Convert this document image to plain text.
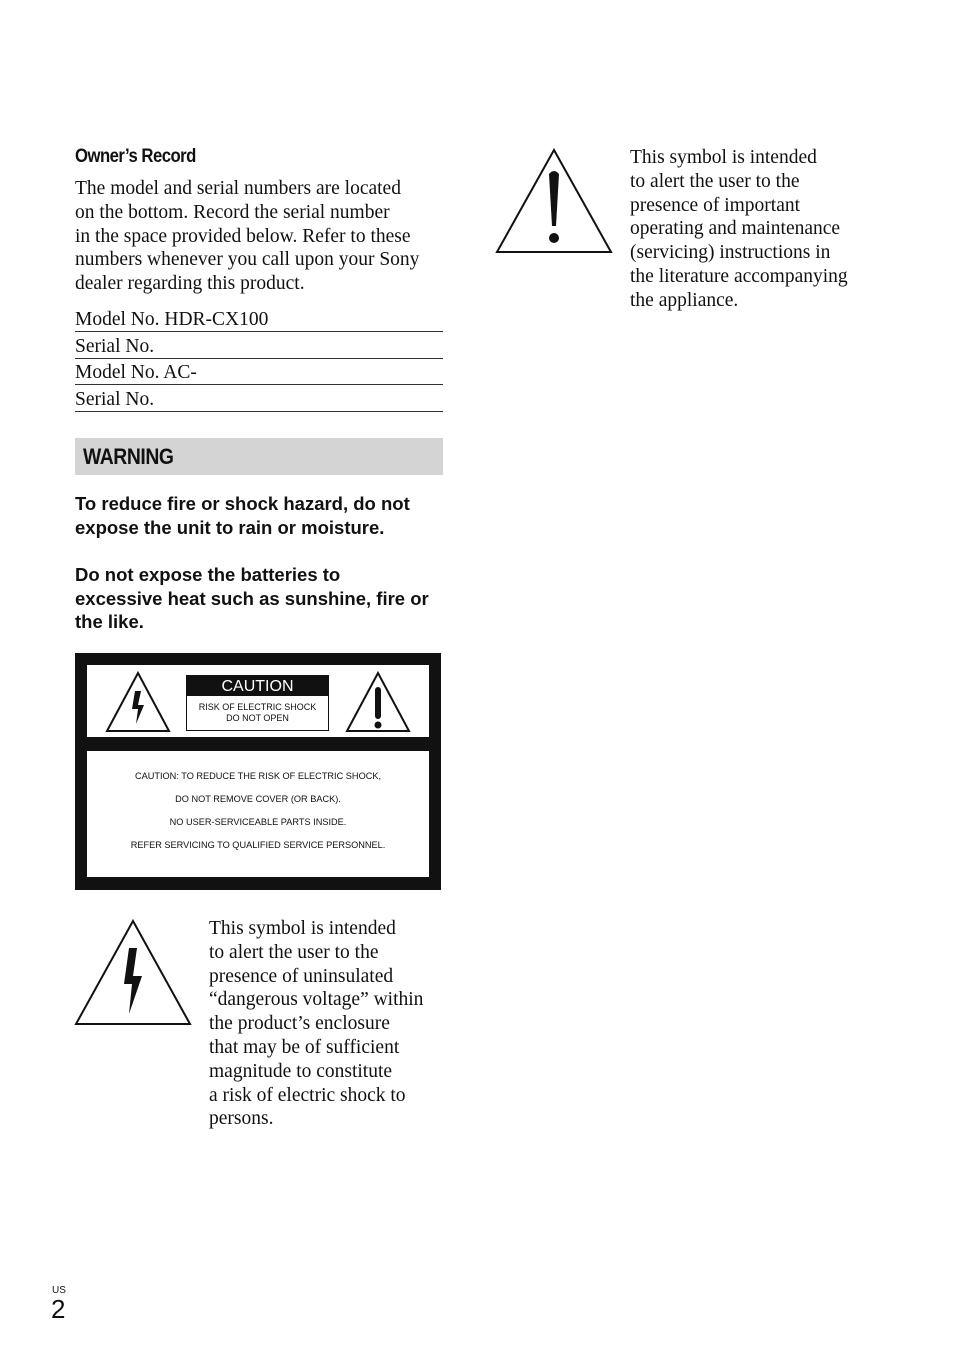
Owner’s Record
The model and serial numbers are located
on the bottom. Record the serial number
in the space provided below. Refer to these
numbers whenever you call upon your Sony
dealer regarding this product.
Model No. HDR-CX100
Serial No.
Model No. AC-
Serial No.
WARNING
To reduce fire or shock hazard, do not
expose the unit to rain or moisture.
Do not expose the batteries to
excessive heat such as sunshine, fire or
the like.
CAUTION
RISK OF ELECTRIC SHOCK
DO NOT OPEN
CAUTION: TO REDUCE THE RISK OF ELECTRIC SHOCK,
DO NOT REMOVE COVER (OR BACK).
NO USER-SERVICEABLE PARTS INSIDE.
REFER SERVICING TO QUALIFIED SERVICE PERSONNEL.
This symbol is intended
to alert the user to the
presence of uninsulated
“dangerous voltage” within
the product’s enclosure
that may be of sufficient
magnitude to constitute
a risk of electric shock to
persons.
This symbol is intended
to alert the user to the
presence of important
operating and maintenance
(servicing) instructions in
the literature accompanying
the appliance.
US
2
